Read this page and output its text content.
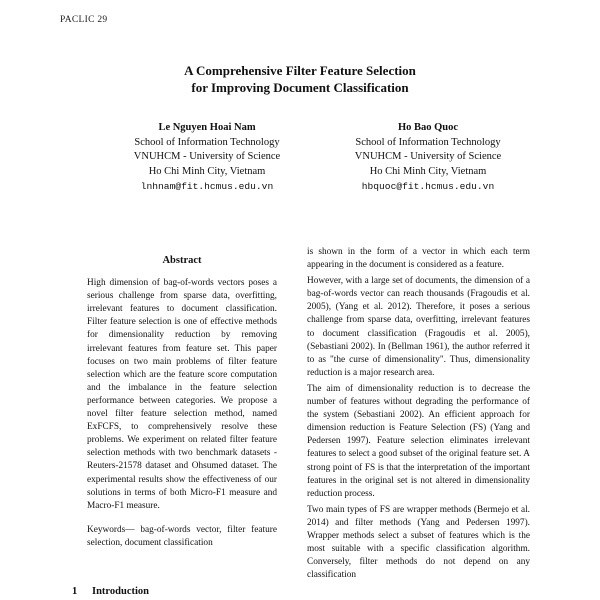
PACLIC 29
A Comprehensive Filter Feature Selection
for Improving Document Classification
Le Nguyen Hoai Nam
School of Information Technology
VNUHCM - University of Science
Ho Chi Minh City, Vietnam
lnhnam@fit.hcmus.edu.vn
Ho Bao Quoc
School of Information Technology
VNUHCM - University of Science
Ho Chi Minh City, Vietnam
hbquoc@fit.hcmus.edu.vn
Abstract

High dimension of bag-of-words vectors poses a serious challenge from sparse data, overfitting, irrelevant features to document classification. Filter feature selection is one of effective methods for dimensionality reduction by removing irrelevant features from feature set. This paper focuses on two main problems of filter feature selection which are the feature score computation and the imbalance in the feature selection performance between categories. We propose a novel filter feature selection method, named ExFCFS, to comprehensively resolve these problems. We experiment on related filter feature selection methods with two benchmark datasets - Reuters-21578 dataset and Ohsumed dataset. The experimental results show the effectiveness of our solutions in terms of both Micro-F1 measure and Macro-F1 measure.

Keywords— bag-of-words vector, filter feature selection, document classification

1 Introduction

is shown in the form of a vector in which each term appearing in the document is considered as a feature.

However, with a large set of documents, the dimension of a bag-of-words vector can reach thousands (Fragoudis et al. 2005), (Yang et al. 2012). Therefore, it poses a serious challenge from sparse data, overfitting, irrelevant features to document classification (Fragoudis et al. 2005), (Sebastiani 2002). In (Bellman 1961), the author referred it to as "the curse of dimensionality". Thus, dimensionality reduction is a major research area.

The aim of dimensionality reduction is to decrease the number of features without degrading the performance of the system (Sebastiani 2002). An efficient approach for dimension reduction is Feature Selection (FS) (Yang and Pedersen 1997). Feature selection eliminates irrelevant features to select a good subset of the original feature set. A strong point of FS is that the interpretation of the important features in the original set is not altered in dimensionality reduction process.

Two main types of FS are wrapper methods (Bermejo et al. 2014) and filter methods (Yang and Pedersen 1997). Wrapper methods select a subset of features which is the most suitable with a specific classification algorithm. Conversely, filter methods do not depend on any classification
